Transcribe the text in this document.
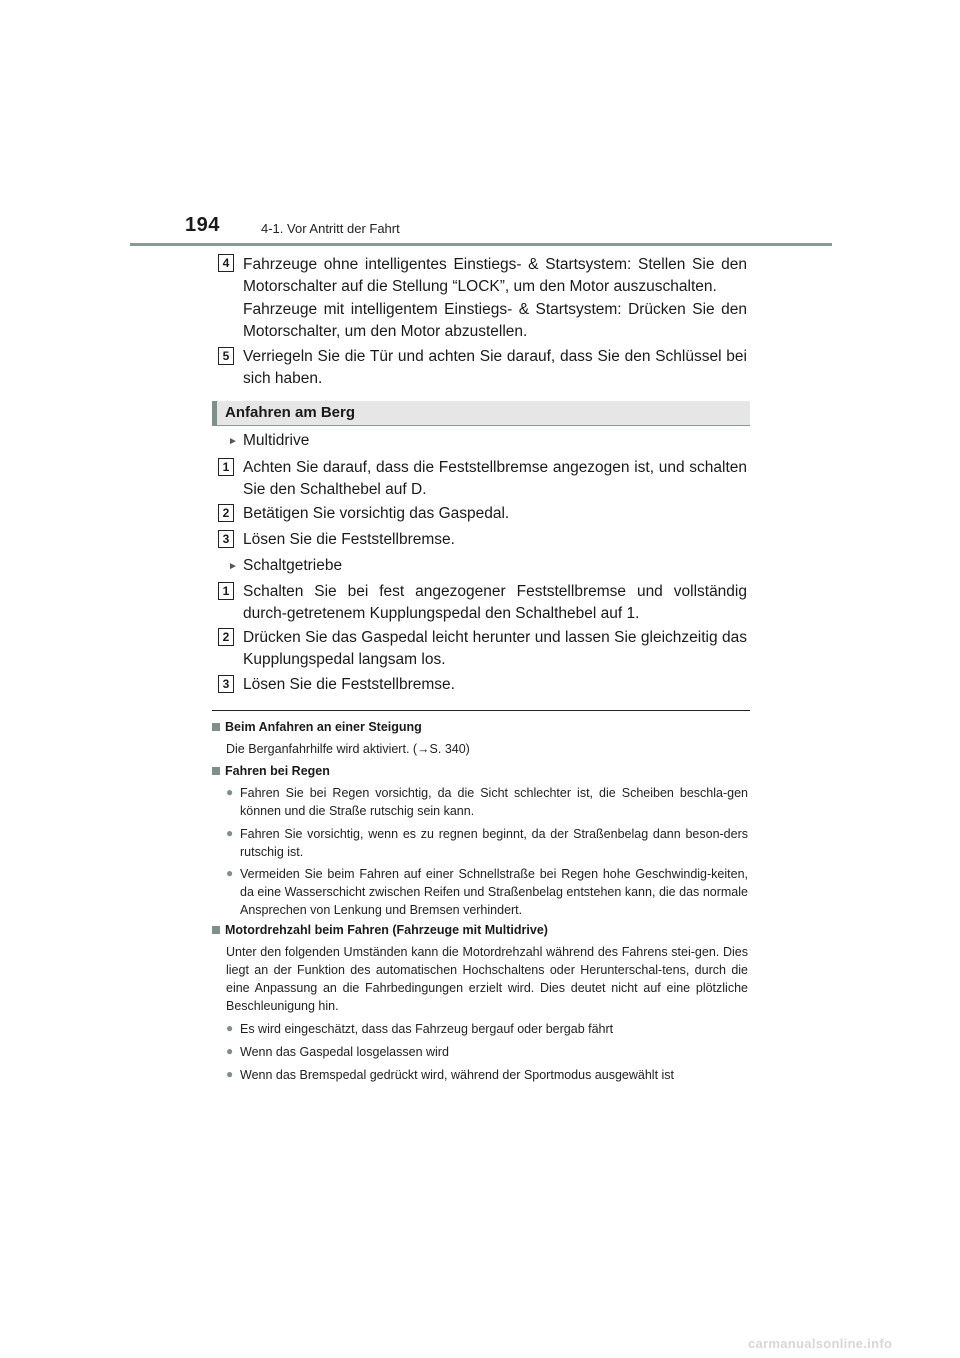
194	4-1. Vor Antritt der Fahrt
4 Fahrzeuge ohne intelligentes Einstiegs- & Startsystem: Stellen Sie den Motorschalter auf die Stellung “LOCK”, um den Motor auszuschalten.
Fahrzeuge mit intelligentem Einstiegs- & Startsystem: Drücken Sie den Motorschalter, um den Motor abzustellen.
5 Verriegeln Sie die Tür und achten Sie darauf, dass Sie den Schlüssel bei sich haben.
Anfahren am Berg
► Multidrive
1 Achten Sie darauf, dass die Feststellbremse angezogen ist, und schalten Sie den Schalthebel auf D.
2 Betätigen Sie vorsichtig das Gaspedal.
3 Lösen Sie die Feststellbremse.
► Schaltgetriebe
1 Schalten Sie bei fest angezogener Feststellbremse und vollständig durch-getretenem Kupplungspedal den Schalthebel auf 1.
2 Drücken Sie das Gaspedal leicht herunter und lassen Sie gleichzeitig das Kupplungspedal langsam los.
3 Lösen Sie die Feststellbremse.
Beim Anfahren an einer Steigung
Die Berganfahrhilfe wird aktiviert. (→S. 340)
Fahren bei Regen
● Fahren Sie bei Regen vorsichtig, da die Sicht schlechter ist, die Scheiben beschla-gen können und die Straße rutschig sein kann.
● Fahren Sie vorsichtig, wenn es zu regnen beginnt, da der Straßenbelag dann beson-ders rutschig ist.
● Vermeiden Sie beim Fahren auf einer Schnellstraße bei Regen hohe Geschwindig-keiten, da eine Wasserschicht zwischen Reifen und Straßenbelag entstehen kann, die das normale Ansprechen von Lenkung und Bremsen verhindert.
Motordrehzahl beim Fahren (Fahrzeuge mit Multidrive)
Unter den folgenden Umständen kann die Motordrehzahl während des Fahrens stei-gen. Dies liegt an der Funktion des automatischen Hochschaltens oder Herunterschal-tens, durch die eine Anpassung an die Fahrbedingungen erzielt wird. Dies deutet nicht auf eine plötzliche Beschleunigung hin.
● Es wird eingeschätzt, dass das Fahrzeug bergauf oder bergab fährt
● Wenn das Gaspedal losgelassen wird
● Wenn das Bremspedal gedrückt wird, während der Sportmodus ausgewählt ist
carmanualsonline.info
